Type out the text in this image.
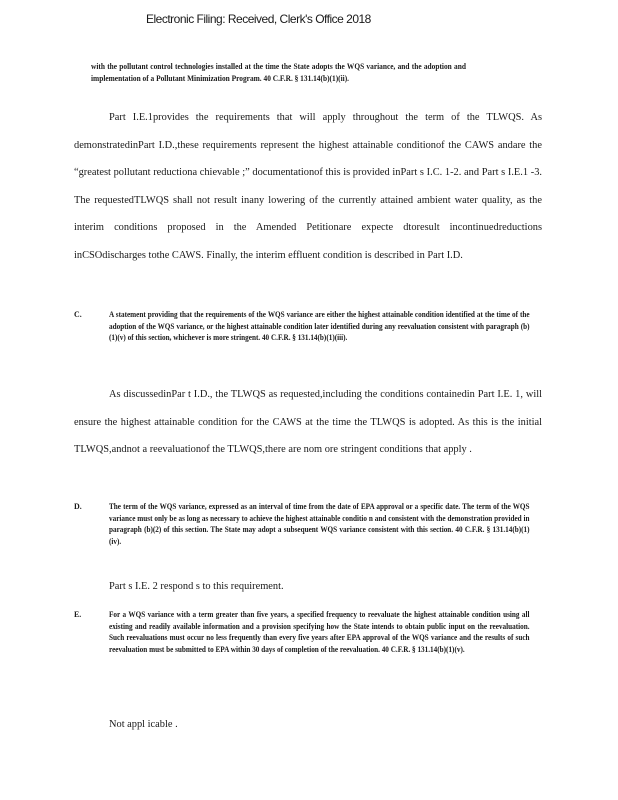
Ele‌ctron‌ic Filing: Received, Clerk's Office 2018
with the pollutant control technologies installed at the time the State adopts the WQS variance, and the adoption and implementation of a Pollutant Minimization Program. 40 C.F.R. § 131.14(b)(1)(ii).

Part I.E.1provides the requirements that will apply throughout the term of the TLWQS. As demonstratedinPart I.D.,these requirements represent the highest attainable conditionof the CAWS andare the “greatest pollutant reductiona chievable ;” documentationof this is provided inPart s I.C. 1-2. and Part s I.E.1 -3. The requestedTLWQS shall not result inany lowering of the currently attained ambient water quality, as the interim conditions proposed in the Amended Petitionare expecte dtoresult incontinuedreductions inCSOdischarges tothe CAWS. Finally, the interim effluent condition is described in Part I.D.

C.	A statement providing that the requirements of the WQS variance are either the highest attainable condition identified at the time of the adoption of the WQS variance, or the highest attainable condition later identified during any reevaluation consistent with paragraph (b)(1)(v) of this section, whichever is more stringent. 40 C.F.R. § 131.14(b)(1)(iii).

As discussedinPar t I.D., the TLWQS as requested,including the conditions containedin Part I.E. 1, will ensure the highest attainable condition for the CAWS at the time the TLWQS is adopted. As this is the initial TLWQS,andnot a reevaluationof the TLWQS,there are nom ore stringent conditions that apply .

D.	The term of the WQS variance, expressed as an interval of time from the date of EPA approval or a specific date. The term of the WQS variance must only be as long as necessary to achieve the highest attainable conditio n and consistent with the demonstration provided in paragraph (b)(2) of this section. The State may adopt a subsequent WQS variance consistent with this section. 40 C.F.R. § 131.14(b)(1)(iv).
Part s I.E. 2 respond s to this requirement.
E.	For a WQS variance with a term greater than five years, a specified frequency to reevaluate the highest attainable condition using all existing and readily available information and a provision specifying how the State intends to obtain public input on the reevaluation. Such reevaluations must occur no less frequently than every five years after EPA approval of the WQS variance and the results of such reevaluation must be submitted to EPA within 30 days of completion of the reevaluation. 40 C.F.R. § 131.14(b)(1)(v).
Not appl icable .
